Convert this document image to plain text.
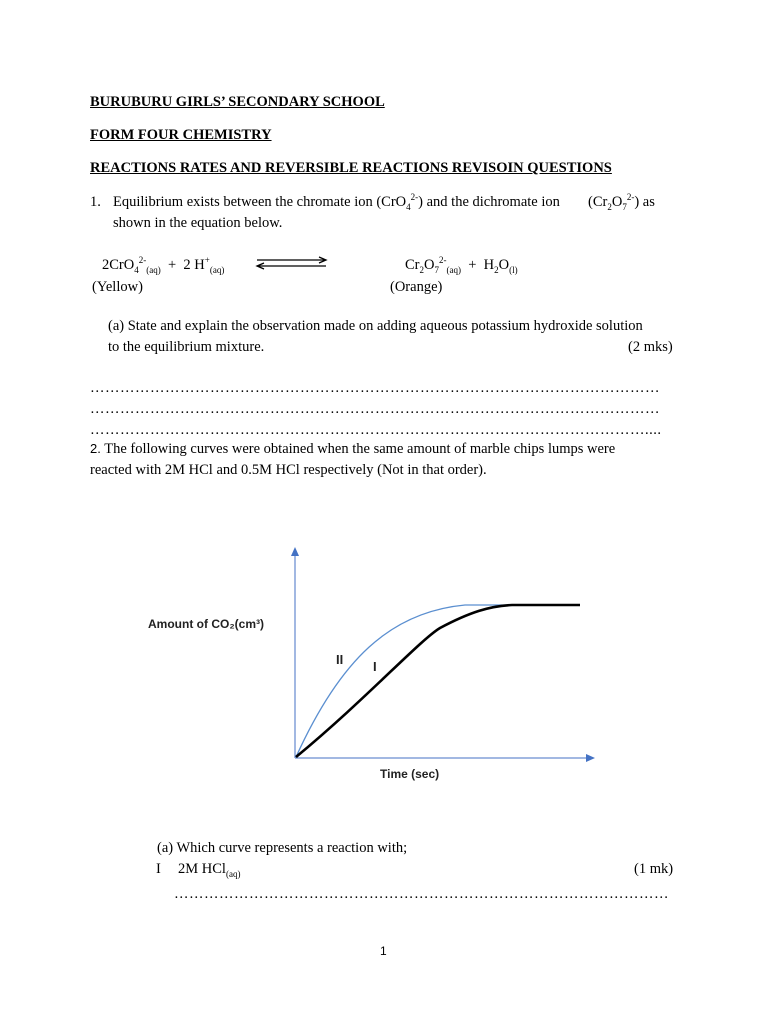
BURUBURU GIRLS’ SECONDARY SCHOOL
FORM FOUR CHEMISTRY
REACTIONS RATES AND REVERSIBLE REACTIONS REVISOIN QUESTIONS
1. Equilibrium exists between the chromate ion (CrO$_4^{2-}$) and the dichromate ion $(Cr_2O_7^{2-})$ as
shown in the equation below.
2CrO$_4^{2-}_{(aq)}$  +  2 $H^+_{(aq)}$	$Cr_2O_7^{2-}_{(aq)} + H_2O_{(l)}$
(Yellow)	(Orange)
(a) State and explain the observation made on adding aqueous potassium hydroxide solution
to the equilibrium mixture.	(2 mks)
……………………………………………………………………………………………………
……………………………………………………………………………………………………
…………………………………………………………………………………………………....
2. The following curves were obtained when the same amount of marble chips lumps were
reacted with 2M HCl and 0.5M HCl respectively (Not in that order).
Amount of CO₂(cm³)
Time (sec)
II I
(a) Which curve represents a reaction with;
I 2M HCl$_{(aq)}$	(1 mk)
………………………………………………………………………………………
1
